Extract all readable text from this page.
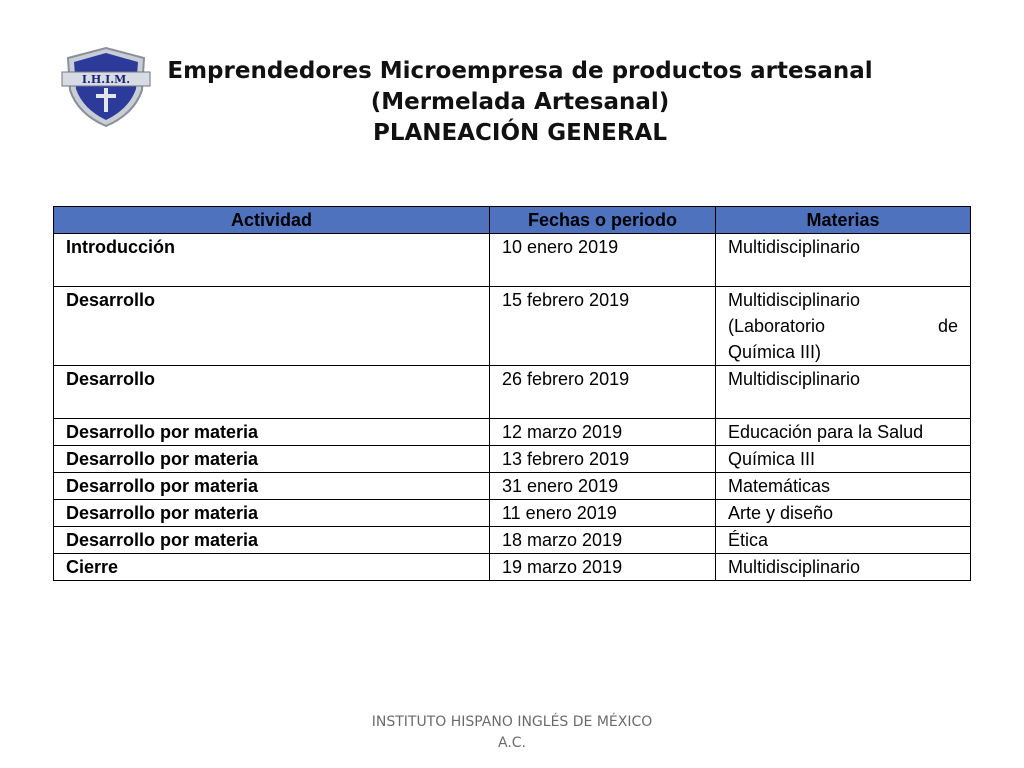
I.H.I.M.	Emprendedores Microempresa de productos artesanal
(Mermelada Artesanal)
PLANEACIÓN GENERAL
Actividad	Fechas o periodo	Materias
Introducción	10 enero 2019	Multidisciplinario
Desarrollo	15 febrero 2019	Multidisciplinario
(Laboratorio de
Química III)

Desarrollo	26 febrero 2019	Multidisciplinario
Desarrollo por materia	12 marzo 2019	Educación para la Salud
Desarrollo por materia	13 febrero 2019	Química III
Desarrollo por materia	31 enero 2019	Matemáticas
Desarrollo por materia	11 enero 2019	Arte y diseño
Desarrollo por materia	18 marzo 2019	Ética
Cierre	19 marzo 2019	Multidisciplinario
INSTITUTO HISPANO INGLÉS DE MÉXICO
A.C.
